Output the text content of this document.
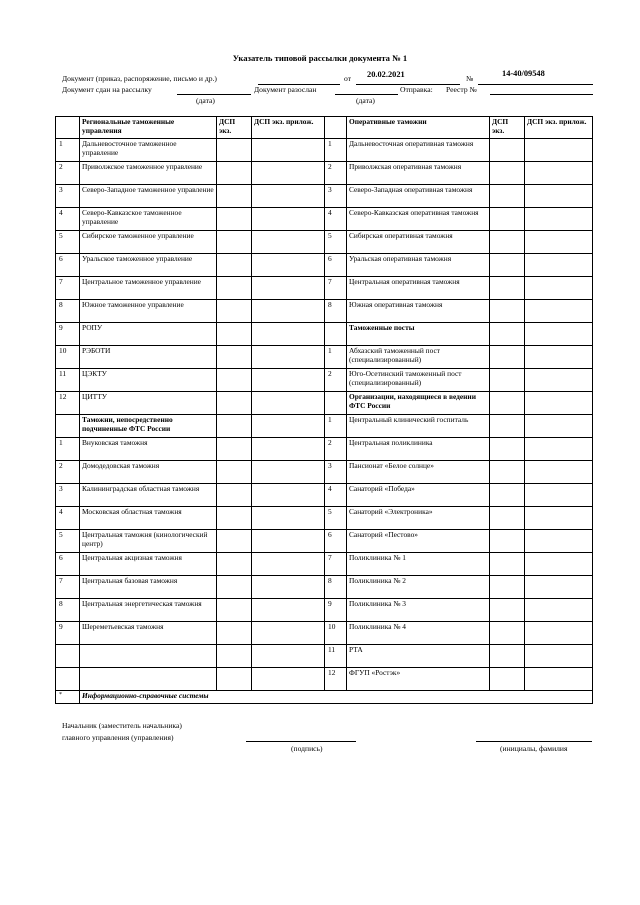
Указатель типовой рассылки документа № 1
Документ (приказ, распоряжение, письмо и др.)	от 20.02.2021	№
14-40/09548
Документ сдан на рассылку	Документ разослан	Отправка: Реестр №
(дата)	(дата)
	Региональные таможенные управления	ДСП экз.	ДСП экз. прилож.		Оперативные таможни	ДСП экз.	ДСП экз. прилож.
1	Дальневосточное таможенное управление			1	Дальневосточная оперативная таможня		
2	Приволжское таможенное управление			2	Приволжская оперативная таможня		
3	Северо-Западное таможенное управление			3	Северо-Западная оперативная таможня		
4	Северо-Кавказское таможенное управление			4	Северо-Кавказская оперативная таможня		
5	Сибирское таможенное управление			5	Сибирская оперативная таможня		
6	Уральское таможенное управление			6	Уральская оперативная таможня		
7	Центральное таможенное управление			7	Центральная оперативная таможня		
8	Южное таможенное управление			8	Южная оперативная таможня		
9	РОПУ				Таможенные посты		
10	РЭБОТИ			1	Абхазский таможенный пост (специализированный)		
11	ЦЭКТУ			2	Юго-Осетинский таможенный пост (специализированный)		
12	ЦИТТУ				Организации, находящиеся в ведении ФТС России		
	Таможни, непосредственно подчиненные ФТС России			1	Центральный клинический госпиталь		
1	Внуковская таможня			2	Центральная поликлиника		
2	Домодедовская таможня			3	Пансионат «Белое солнце»		
3	Калининградская областная таможня			4	Санаторий «Победа»		
4	Московская областная таможня			5	Санаторий «Электроника»		
5	Центральная таможня (кинологический центр)			6	Санаторий «Пестово»		
6	Центральная акцизная таможня			7	Поликлиника № 1		
7	Центральная базовая таможня			8	Поликлиника № 2		
8	Центральная энергетическая таможня			9	Поликлиника № 3		
9	Шереметьевская таможня			10	Поликлиника № 4		
				11	РТА		
				12	ФГУП «Ростэк»		
*	Информационно-справочные системы						
Начальник (заместитель начальника)
главного управления (управления)
(подпись)	(инициалы, фамилия
